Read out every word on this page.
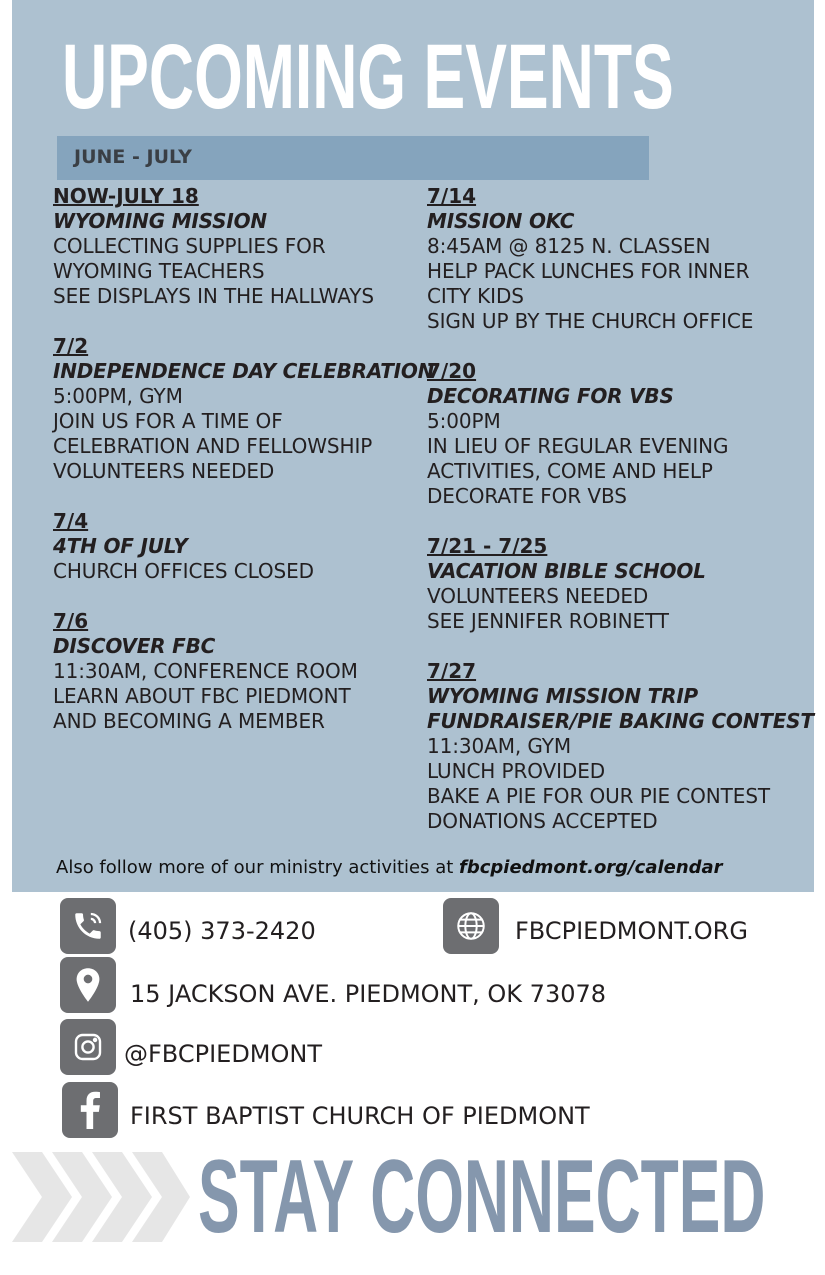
UPCOMING EVENTS
JUNE - JULY
NOW-JULY 18
WYOMING MISSION
COLLECTING SUPPLIES FOR
WYOMING TEACHERS
SEE DISPLAYS IN THE HALLWAYS
7/2
INDEPENDENCE DAY CELEBRATION
5:00PM, GYM
JOIN US FOR A TIME OF
CELEBRATION AND FELLOWSHIP
VOLUNTEERS NEEDED
7/4
4TH OF JULY
CHURCH OFFICES CLOSED
7/6
DISCOVER FBC
11:30AM, CONFERENCE ROOM
LEARN ABOUT FBC PIEDMONT
AND BECOMING A MEMBER
7/14
MISSION OKC
8:45AM @ 8125 N. CLASSEN
HELP PACK LUNCHES FOR INNER
CITY KIDS
SIGN UP BY THE CHURCH OFFICE
7/20
DECORATING FOR VBS
5:00PM
IN LIEU OF REGULAR EVENING
ACTIVITIES, COME AND HELP
DECORATE FOR VBS
7/21 - 7/25
VACATION BIBLE SCHOOL
VOLUNTEERS NEEDED
SEE JENNIFER ROBINETT
7/27
WYOMING MISSION TRIP
FUNDRAISER/PIE BAKING CONTEST
11:30AM, GYM
LUNCH PROVIDED
BAKE A PIE FOR OUR PIE CONTEST
DONATIONS ACCEPTED
Also follow more of our ministry activities at fbcpiedmont.org/calendar
(405) 373-2420	FBCPIEDMONT.ORG
15 JACKSON AVE. PIEDMONT, OK 73078
@FBCPIEDMONT
FIRST BAPTIST CHURCH OF PIEDMONT
STAY CONNECTED
